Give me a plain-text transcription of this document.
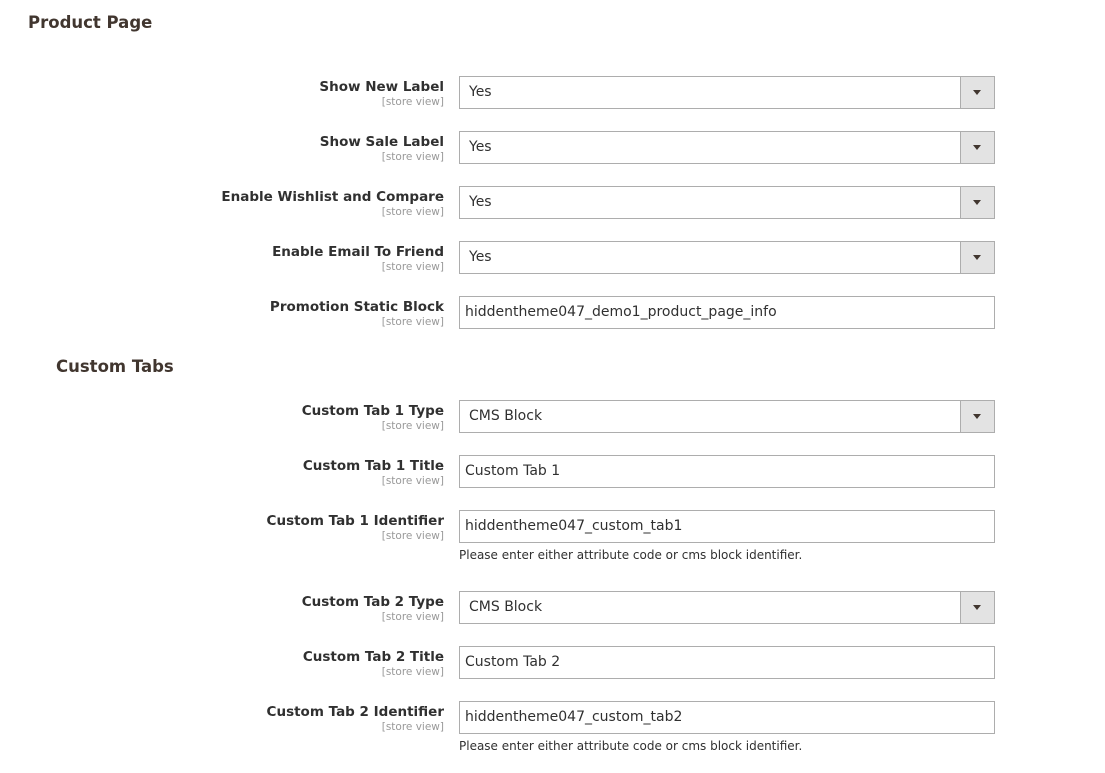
Product Page
Show New Label
[store view]
Yes
Show Sale Label
[store view]
Yes
Enable Wishlist and Compare
[store view]
Yes
Enable Email To Friend
[store view]
Yes
Promotion Static Block
[store view]
hiddentheme047_demo1_product_page_info
Custom Tabs
Custom Tab 1 Type
[store view]
CMS Block
Custom Tab 1 Title
[store view]
Custom Tab 1
Custom Tab 1 Identifier
[store view]
hiddentheme047_custom_tab1
Please enter either attribute code or cms block identifier.
Custom Tab 2 Type
[store view]
CMS Block
Custom Tab 2 Title
[store view]
Custom Tab 2
Custom Tab 2 Identifier
[store view]
hiddentheme047_custom_tab2
Please enter either attribute code or cms block identifier.
